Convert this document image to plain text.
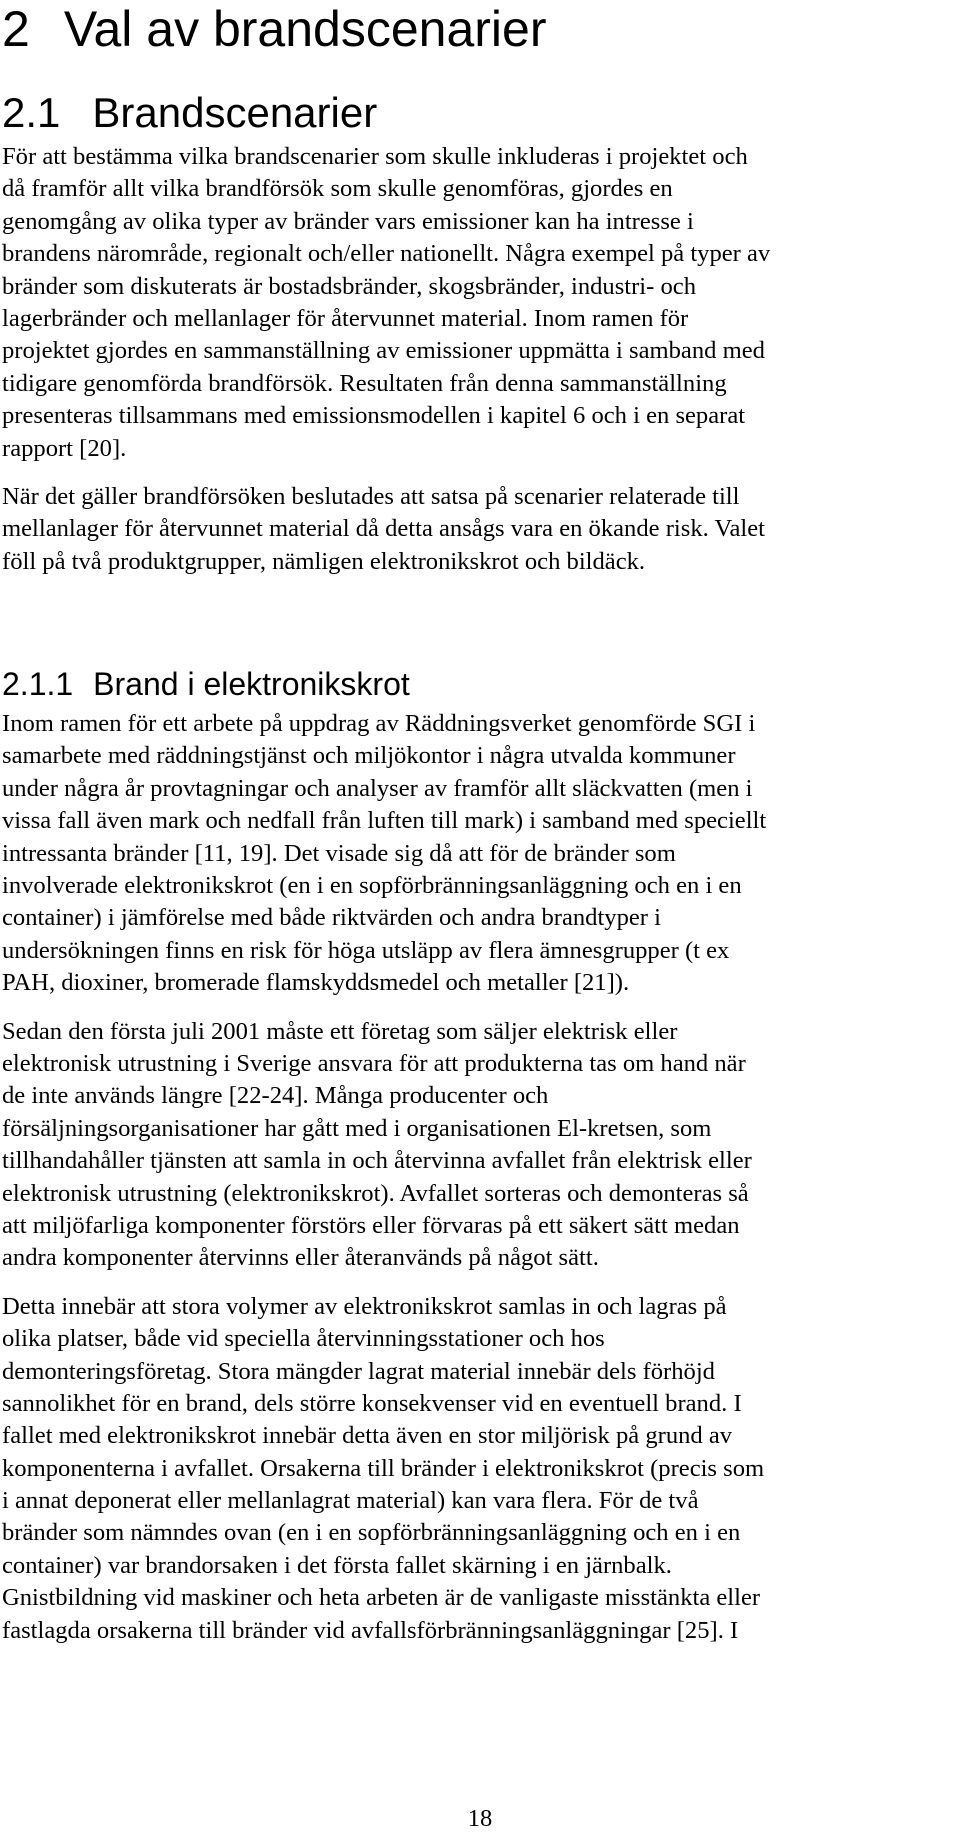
2 Val av brandscenarier
2.1 Brandscenarier

För att bestämma vilka brandscenarier som skulle inkluderas i projektet och
då framför allt vilka brandförsök som skulle genomföras, gjordes en
genomgång av olika typer av bränder vars emissioner kan ha intresse i
brandens närområde, regionalt och/eller nationellt. Några exempel på typer av
bränder som diskuterats är bostadsbränder, skogsbränder, industri- och
lagerbränder och mellanlager för återvunnet material. Inom ramen för
projektet gjordes en sammanställning av emissioner uppmätta i samband med
tidigare genomförda brandförsök. Resultaten från denna sammanställning
presenteras tillsammans med emissionsmodellen i kapitel 6 och i en separat
rapport [20].

När det gäller brandförsöken beslutades att satsa på scenarier relaterade till
mellanlager för återvunnet material då detta ansågs vara en ökande risk. Valet
föll på två produktgrupper, nämligen elektronikskrot och bildäck.

2.1.1 Brand i elektronikskrot

Inom ramen för ett arbete på uppdrag av Räddningsverket genomförde SGI i
samarbete med räddningstjänst och miljökontor i några utvalda kommuner
under några år provtagningar och analyser av framför allt släckvatten (men i
vissa fall även mark och nedfall från luften till mark) i samband med speciellt
intressanta bränder [11, 19]. Det visade sig då att för de bränder som
involverade elektronikskrot (en i en sopförbränningsanläggning och en i en
container) i jämförelse med både riktvärden och andra brandtyper i
undersökningen finns en risk för höga utsläpp av flera ämnesgrupper (t ex
PAH, dioxiner, bromerade flamskyddsmedel och metaller [21]).

Sedan den första juli 2001 måste ett företag som säljer elektrisk eller
elektronisk utrustning i Sverige ansvara för att produkterna tas om hand när
de inte används längre [22-24]. Många producenter och
försäljningsorganisationer har gått med i organisationen El-kretsen, som
tillhandahåller tjänsten att samla in och återvinna avfallet från elektrisk eller
elektronisk utrustning (elektronikskrot). Avfallet sorteras och demonteras så
att miljöfarliga komponenter förstörs eller förvaras på ett säkert sätt medan
andra komponenter återvinns eller återanvänds på något sätt.

Detta innebär att stora volymer av elektronikskrot samlas in och lagras på
olika platser, både vid speciella återvinningsstationer och hos
demonteringsföretag. Stora mängder lagrat material innebär dels förhöjd
sannolikhet för en brand, dels större konsekvenser vid en eventuell brand. I
fallet med elektronikskrot innebär detta även en stor miljörisk på grund av
komponenterna i avfallet. Orsakerna till bränder i elektronikskrot (precis som
i annat deponerat eller mellanlagrat material) kan vara flera. För de två
bränder som nämndes ovan (en i en sopförbränningsanläggning och en i en
container) var brandorsaken i det första fallet skärning i en järnbalk.
Gnistbildning vid maskiner och heta arbeten är de vanligaste misstänkta eller
fastlagda orsakerna till bränder vid avfallsförbränningsanläggningar [25]. I

18
